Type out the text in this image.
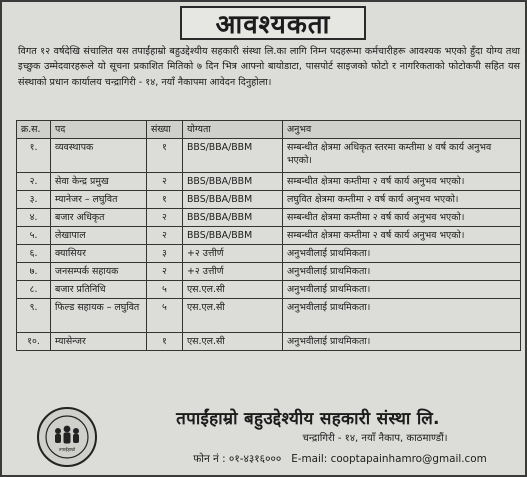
आवश्यकता

विगत १२ वर्षदेखि संचालित यस तपाईंहाम्रो बहुउद्देश्यीय सहकारी संस्था लि.का लागि निम्न पदहरूमा कर्मचारीहरू आवश्यक भएकाे हुँदा योग्य तथा इच्छुक उम्मेदवारहरूले यो सूचना प्रकाशित मितिको ७ दिन भित्र आफ्नाे बायोडाटा, पासपोर्ट साइजको फोटो र नागरिकताको फोटोकपी सहित यस संस्थाको प्रधान कार्यालय चन्द्रागिरी - १४, नयाँ नैकापमा आवेदन दिनुहोला।

क्र.स.	पद	संख्या	योग्यता	अनुभव
१.	व्यवस्थापक	१	BBS/BBA/BBM	सम्बन्धीत क्षेत्रमा अधिकृत स्तरमा कम्तीमा ४ वर्ष कार्य अनुभव भएको।
२.	सेवा केन्द्र प्रमुख	२	BBS/BBA/BBM	सम्बन्धीत क्षेत्रमा कम्तीमा २ वर्ष कार्य अनुभव भएको।
३.	म्यानेजर – लघुवित	१	BBS/BBA/BBM	लघुवित क्षेत्रमा कम्तीमा २ वर्ष कार्य अनुभव भएको।
४.	बजार अधिकृत	२	BBS/BBA/BBM	सम्बन्धीत क्षेत्रमा कम्तीमा २ वर्ष कार्य अनुभव भएको।
५.	लेखापाल	२	BBS/BBA/BBM	सम्बन्धीत क्षेत्रमा कम्तीमा २ वर्ष कार्य अनुभव भएको।
६.	क्यासियर	३	+२ उत्तीर्ण	अनुभवीलाई प्राथमिकता।
७.	जनसम्पर्क सहायक	२	+२ उत्तीर्ण	अनुभवीलाई प्राथमिकता।
८.	बजार प्रतिनिधि	५	एस.एल.सी	अनुभवीलाई प्राथमिकता।
९.	फिल्ड सहायक – लघुवित	५	एस.एल.सी	अनुभवीलाई प्राथमिकता।
१०.	म्यासेन्जर	१	एस.एल.सी	अनुभवीलाई प्राथमिकता।
तपाईंहाम्रो
तपाईंहाम्रो बहुउद्देश्यीय सहकारी संस्था लि.
चन्द्रागिरी - १४, नयाँ नैकाप, काठमाण्डौं।
फोन नं : ०१-४३१६००० E-mail: cooptapainhamro@gmail.com
